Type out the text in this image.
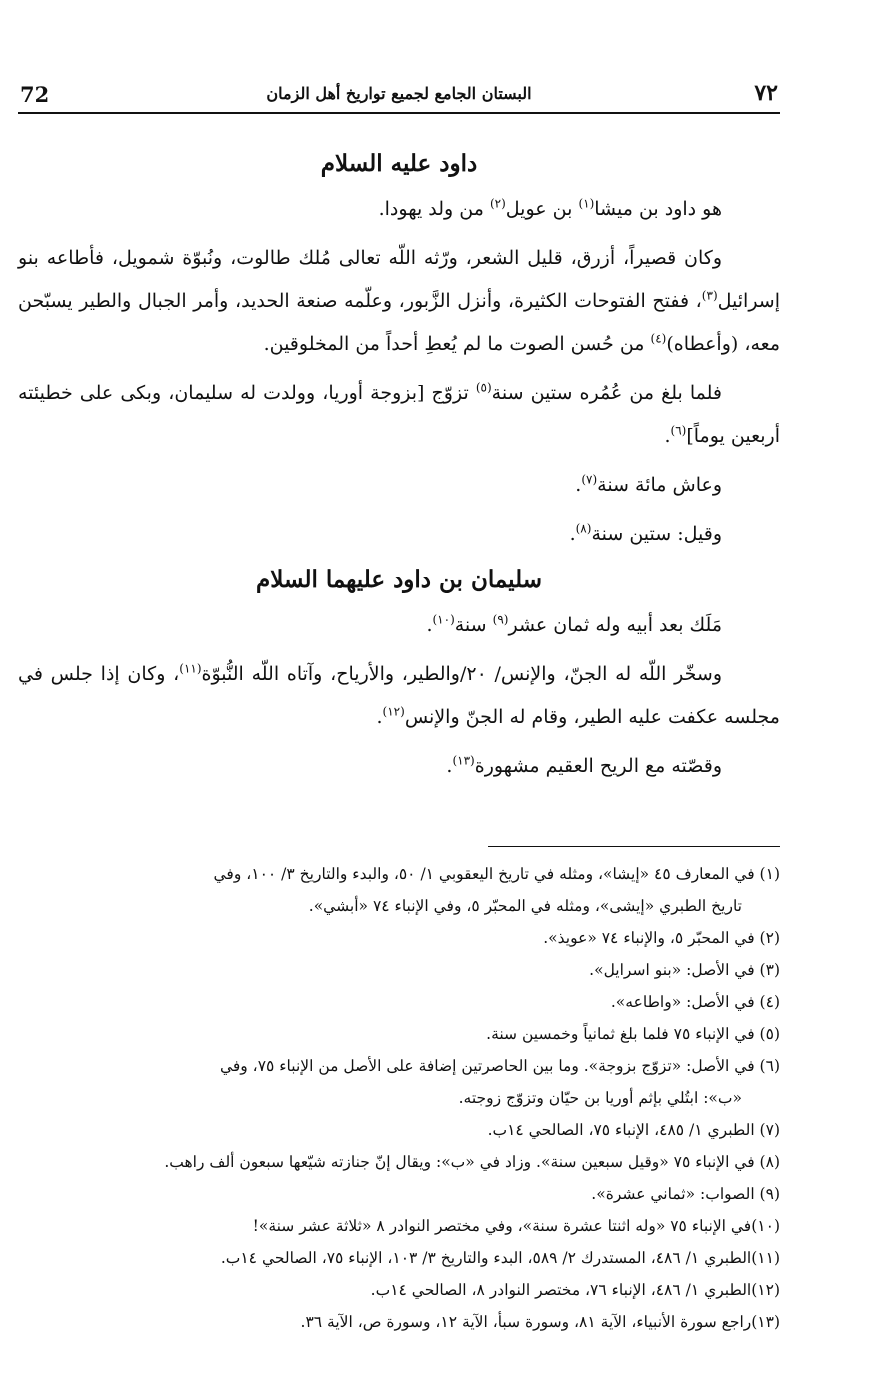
72	البستان الجامع لجميع تواريخ أهل الزمان	٧٢
داود عليه السلام

هو داود بن ميشا$^{(١)}$ بن عويل$^{(٢)}$ من ولد يهودا.

وكان قصيراً، أزرق، قليل الشعر، ورّثه اللّه تعالى مُلك طالوت، ونُبوّة شمويل، فأطاعه بنو إسرائيل$^{(٣)}$، ففتح الفتوحات الكثيرة، وأنزل الزَّبور، وعلّمه صنعة الحديد، وأمر الجبال والطير يسبّحن معه، (وأعطاه)$^{(٤)}$ من حُسن الصوت ما لم يُعطِ أحداً من المخلوقين.

فلما بلغ من عُمُره ستين سنة$^{(٥)}$ تزوّج [بزوجة أوريا، وولدت له سليمان، وبكى على خطيئته أربعين يوماً]$^{(٦)}$.

وعاش مائة سنة$^{(٧)}$.

وقيل: ستين سنة$^{(٨)}$.

سليمان بن داود عليهما السلام

مَلَك بعد أبيه وله ثمان عشر$^{(٩)}$ سنة$^{(١٠)}$.

وسخّر اللّه له الجنّ، والإنس/ ٢٠/والطير، والأرياح، وآتاه اللّه النُّبوّة$^{(١١)}$، وكان إذا جلس في مجلسه عكفت عليه الطير، وقام له الجنّ والإنس$^{(١٢)}$.

وقصّته مع الريح العقيم مشهورة$^{(١٣)}$.

(١) في المعارف ٤٥ «إيشا»، ومثله في تاريخ اليعقوبي ١/ ٥٠، والبدء والتاريخ ٣/ ١٠٠، وفي

تاريخ الطبري «إيشى»، ومثله في المحبّر ٥، وفي الإنباء ٧٤ «أبشي».

(٢) في المحبّر ٥، والإنباء ٧٤ «عويذ».

(٣) في الأصل: «بنو اسرايل».

(٤) في الأصل: «واطاعه».

(٥) في الإنباء ٧٥ فلما بلغ ثمانياً وخمسين سنة.

(٦) في الأصل: «تزوّج بزوجة». وما بين الحاصرتين إضافة على الأصل من الإنباء ٧٥، وفي

«ب»: ابتُلي بإثم أوريا بن حيّان وتزوّج زوجته.

(٧) الطبري ١/ ٤٨٥، الإنباء ٧٥، الصالحي ١٤ب.

(٨) في الإنباء ٧٥ «وقيل سبعين سنة». وزاد في «ب»: ويقال إنّ جنازته شيّعها سبعون ألف راهب.

(٩) الصواب: «ثماني عشرة».

(١٠)في الإنباء ٧٥ «وله اثنتا عشرة سنة»، وفي مختصر النوادر ٨ «ثلاثة عشر سنة»!

(١١)الطبري ١/ ٤٨٦، المستدرك ٢/ ٥٨٩، البدء والتاريخ ٣/ ١٠٣، الإنباء ٧٥، الصالحي ١٤ب.

(١٢)الطبري ١/ ٤٨٦، الإنباء ٧٦، مختصر النوادر ٨، الصالحي ١٤ب.

(١٣)راجع سورة الأنبياء، الآية ٨١، وسورة سبأ، الآية ١٢، وسورة ص، الآية ٣٦.
